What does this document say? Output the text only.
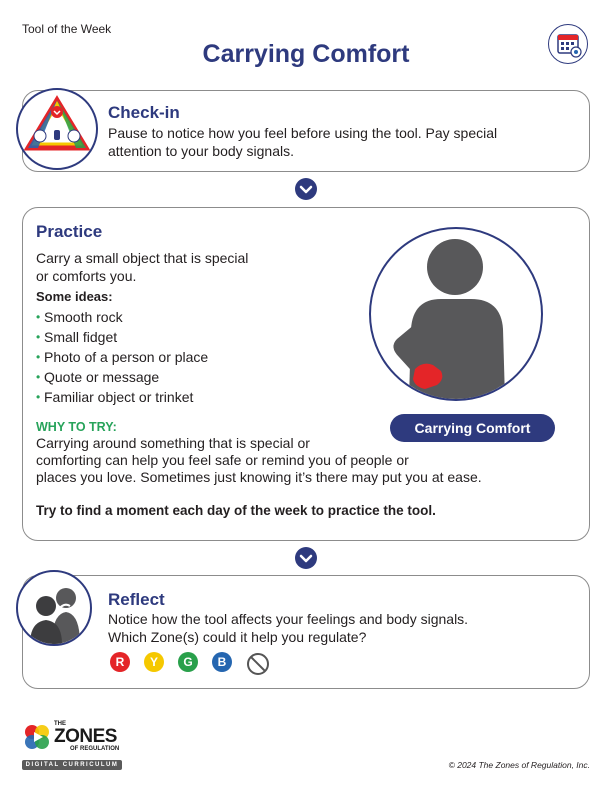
Tool of the Week
Carrying Comfort
Check-in
Pause to notice how you feel before using the tool. Pay special
attention to your body signals.
Practice
Carry a small object that is special
or comforts you.
Some ideas:
• Smooth rock
• Small fidget
• Photo of a person or place
• Quote or message
• Familiar object or trinket
WHY TO TRY:
Carrying around something that is special or
comforting can help you feel safe or remind you of people or
places you love. Sometimes just knowing it’s there may put you at ease.
Try to find a moment each day of the week to practice the tool.
Carrying Comfort
Reflect
Notice how the tool affects your feelings and body signals.
Which Zone(s) could it help you regulate?
R	Y	G	B
THE
ZONES
OF REGULATION
DIGITAL CURRICULUM	© 2024 The Zones of Regulation, Inc.
